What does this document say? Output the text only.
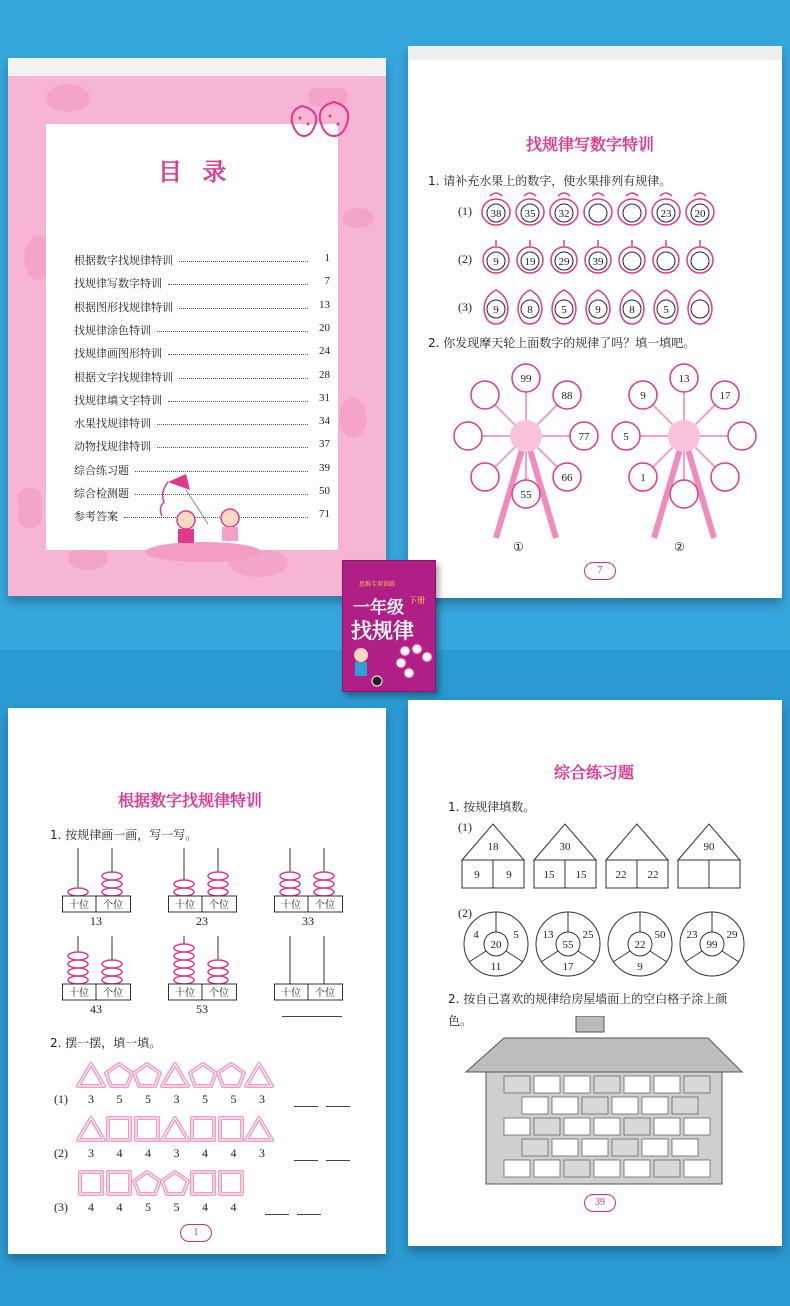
目 录
根据数字找规律特训	1
找规律写数字特训	7
根据图形找规律特训	13
找规律涂色特训	20
找规律画图形特训	24
根据文字找规律特训	28
找规律填文字特训	31
水果找规律特训	34
动物找规律特训	37
综合练习题	39
综合检测题	50
参考答案	71
找规律写数字特训
1. 请补充水果上的数字，使水果排列有规律。
(1) 38 35 32	23 20
(2) 9 19 29 39
(3) 9	8	5	9	8	5
2. 你发现摩天轮上面数字的规律了吗？填一填吧。
99
88
77
66
55
13
17
1
5
9
①	②
7
思维专项训练
一年级 下册
找规律
根据数字找规律特训
1. 按规律画一画，写一写。
十位 个位
13
十位 个位
23
十位 个位
33
十位 个位
43
十位 个位
53
十位 个位
2. 摆一摆，填一填。
(1) 3 5 5 3 5 5 3
(2) 3 4 4 3 4 4 3
(3) 4 4 5 5 4 4
1
综合练习题
1. 按规律填数。
(1)
18
9 9
30
15 15	22 22
90
(2)
20
4	5
11
55
13	25
17
22
50
9
99
23	29
2. 按自己喜欢的规律给房屋墙面上的空白格子涂上颜
色。
39
